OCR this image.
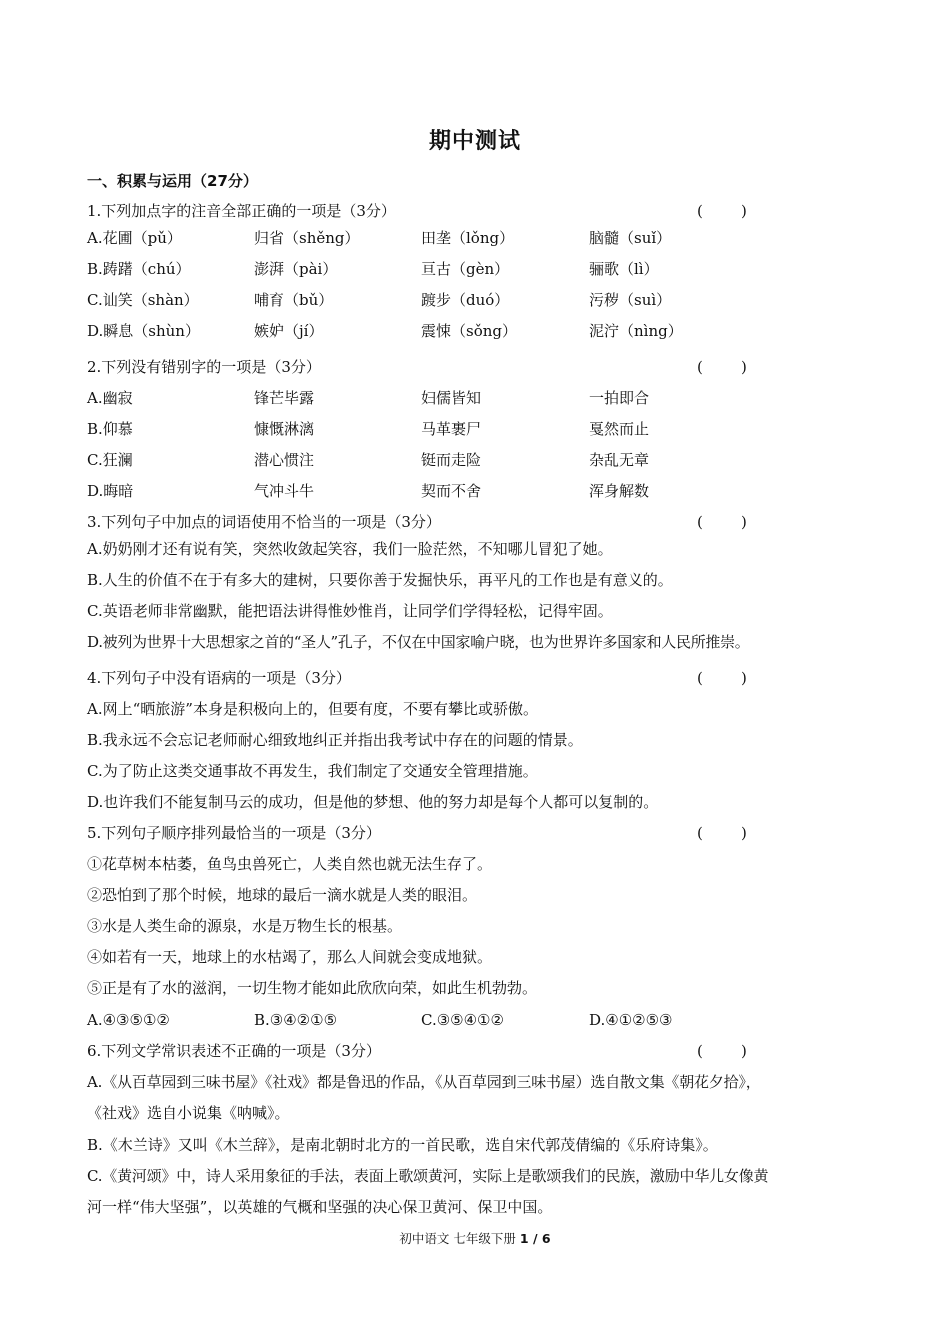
期中测试
一、积累与运用（27分）
1.下列加点字的注音全部正确的一项是（3分）	(        )
A.花圃（pǔ）	归省（shěng）	田垄（lǒng）	脑髓（suǐ）
B.踌躇（chú）	澎湃（pài）	亘古（gèn）	骊歌（lì）
C.讪笑（shàn）	哺育（bǔ）	踱步（duó）	污秽（suì）
D.瞬息（shùn）	嫉妒（jí）	震悚（sǒng）	泥泞（nìng）
2.下列没有错别字的一项是（3分）	(        )
A.幽寂	锋芒毕露	妇儒皆知	一拍即合
B.仰慕	慷慨淋漓	马革裹尸	戛然而止
C.狂澜	潜心惯注	铤而走险	杂乱无章
D.晦暗	气冲斗牛	契而不舍	浑身解数
3.下列句子中加点的词语使用不恰当的一项是（3分）	(        )
A.奶奶刚才还有说有笑，突然收敛起笑容，我们一脸茫然，不知哪儿冒犯了她。
B.人生的价值不在于有多大的建树，只要你善于发掘快乐，再平凡的工作也是有意义的。
C.英语老师非常幽默，能把语法讲得惟妙惟肖，让同学们学得轻松，记得牢固。
D.被列为世界十大思想家之首的“圣人”孔子，不仅在中国家喻户晓，也为世界许多国家和人民所推崇。
4.下列句子中没有语病的一项是（3分）	(        )
A.网上“晒旅游”本身是积极向上的，但要有度，不要有攀比或骄傲。
B.我永远不会忘记老师耐心细致地纠正并指出我考试中存在的问题的情景。
C.为了防止这类交通事故不再发生，我们制定了交通安全管理措施。
D.也许我们不能复制马云的成功，但是他的梦想、他的努力却是每个人都可以复制的。
5.下列句子顺序排列最恰当的一项是（3分）	(        )
①花草树本枯萎，鱼鸟虫兽死亡，人类自然也就无法生存了。
②恐怕到了那个时候，地球的最后一滴水就是人类的眼泪。
③水是人类生命的源泉，水是万物生长的根基。
④如若有一天，地球上的水枯竭了，那么人间就会变成地狱。
⑤正是有了水的滋润，一切生物才能如此欣欣向荣，如此生机勃勃。
A.④③⑤①②	B.③④②①⑤	C.③⑤④①②	D.④①②⑤③
6.下列文学常识表述不正确的一项是（3分）	(        )
A.《从百草园到三味书屋》《社戏》都是鲁迅的作品，《从百草园到三味书屋）选自散文集《朝花夕拾》，
《社戏》选自小说集《呐喊》。
B.《木兰诗》又叫《木兰辞》，是南北朝时北方的一首民歌，选自宋代郭茂倩编的《乐府诗集》。
C.《黄河颂》中，诗人采用象征的手法，表面上歌颂黄河，实际上是歌颂我们的民族，激励中华儿女像黄
河一样“伟大坚强”，以英雄的气概和坚强的决心保卫黄河、保卫中国。
初中语文 七年级下册 1 / 6
